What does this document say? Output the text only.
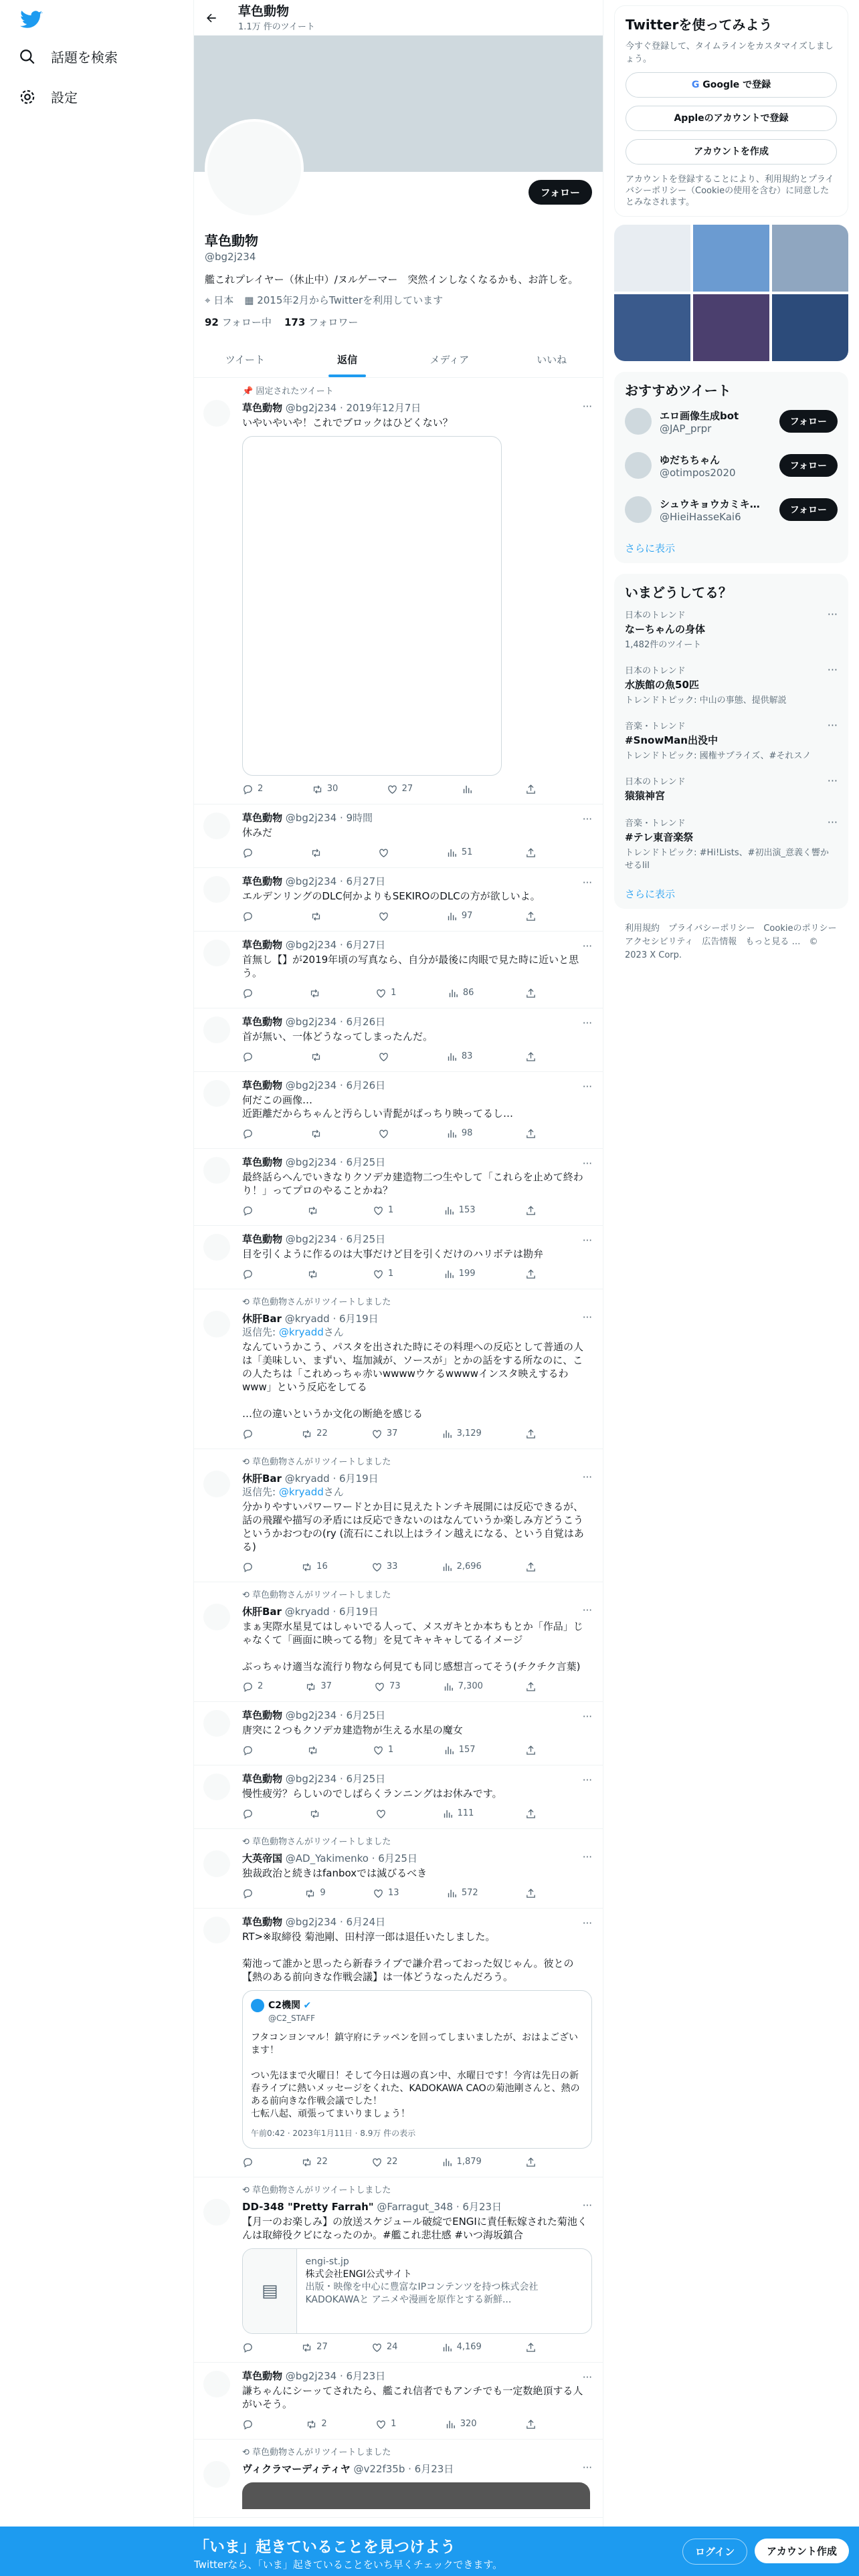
話題を検索
設定
草色動物
1.1万 件のツイート
フォロー
草色動物
@bg2j234
艦これプレイヤー（休止中）/ヌルゲーマー　突然インしなくなるかも、お許しを。
⌖ 日本 ▦ 2015年2月からTwitterを利用しています
92 フォロー中 173 フォロワー
ツイート	返信	メディア	いいね
📌 固定されたツイート
···
草色動物 @bg2j234 · 2019年12月7日
いやいやいや！これでブロックはひどくない？
2	30	27
···
草色動物 @bg2j234 · 9時間
休みだ
51
···
草色動物 @bg2j234 · 6月27日
エルデンリングのDLC何かよりもSEKIROのDLCの方が欲しいよ。
97
···
草色動物 @bg2j234 · 6月27日
首無し【】が2019年頃の写真なら、自分が最後に肉眼で見た時に近いと思う。
1	86
···
草色動物 @bg2j234 · 6月26日
首が無い、一体どうなってしまったんだ。
83
···
草色動物 @bg2j234 · 6月26日
何だこの画像…
近距離だからちゃんと汚らしい青髭がばっちり映ってるし…
98
···
草色動物 @bg2j234 · 6月25日
最終話らへんでいきなりクソデカ建造物二つ生やして「これらを止めて終わり！」ってプロのやることかね？
1	153
···
草色動物 @bg2j234 · 6月25日
目を引くように作るのは大事だけど目を引くだけのハリボテは勘弁
1	199
⟲ 草色動物さんがリツイートしました
···
休肝Bar @kryadd · 6月19日
返信先: @kryaddさん
なんていうかこう、パスタを出された時にその料理への反応として普通の人は「美味しい、まずい、塩加減が、ソースが」とかの話をする所なのに、この人たちは「これめっちゃ赤いwwwwウケるwwwwインスタ映えするわwww」という反応をしてる

…位の違いというか文化の断絶を感じる
22	37	3,129
⟲ 草色動物さんがリツイートしました
···
休肝Bar @kryadd · 6月19日
返信先: @kryaddさん
分かりやすいパワーワードとか目に見えたトンチキ展開には反応できるが、話の飛躍や描写の矛盾には反応できないのはなんていうか楽しみ方どうこうというかおつむの(ry (流石にこれ以上はライン越えになる、という自覚はある)
16	33	2,696
⟲ 草色動物さんがリツイートしました
···
休肝Bar @kryadd · 6月19日
まぁ実際水星見てはしゃいでる人って、メスガキとか本ちもとか「作品」じゃなくて「画面に映ってる物」を見てキャキャしてるイメージ

ぶっちゃけ適当な流行り物なら何見ても同じ感想言ってそう(チクチク言葉)
2	37	73	7,300
···
草色動物 @bg2j234 · 6月25日
唐突に２つもクソデカ建造物が生える水星の魔女
1	157
···
草色動物 @bg2j234 · 6月25日
慢性疲労？らしいのでしばらくランニングはお休みです。
111
⟲ 草色動物さんがリツイートしました
···
大英帝国 @AD_Yakimenko · 6月25日
独裁政治と続きはfanboxでは滅びるべき
9	13	572
···
草色動物 @bg2j234 · 6月24日
RT>※取締役 菊池剛、田村淳一郎は退任いたしました。

菊池って誰かと思ったら新春ライブで謙介君っておった奴じゃん。彼との【熱のある前向きな作戦会議】は一体どうなったんだろう。
C2機関 ✔
@C2_STAFF
フタコンヨンマル！鎮守府にテッペンを回ってしまいましたが、おはよございます！

つい先ほまで火曜日！そして今日は週の真ン中、水曜日です！今宵は先日の新春ライブに熱いメッセージをくれた、KADOKAWA CAOの菊池剛さんと、熱のある前向きな作戦会議でした！
七転八起、頑張ってまいりましょう！
午前0:42 · 2023年1月11日 · 8.9万 件の表示
22	22	1,879
⟲ 草色動物さんがリツイートしました
···
DD-348 "Pretty Farrah" @Farragut_348 · 6月23日
【月一のお楽しみ】の放送スケジュール破綻でENGIに責任転嫁された菊池くんは取締役クビになったのか。#艦これ悲壮感 #いつ海坂鎮合
▤
engi-st.jp
株式会社ENGI公式サイト
出版・映像を中心に豊富なIPコンテンツを持つ株式会社KADOKAWAと アニメや漫画を原作とする新鮮...
27	24	4,169
···
草色動物 @bg2j234 · 6月23日
謙ちゃんにシーッてされたら、艦これ信者でもアンチでも一定数絶頂する人がいそう。
2	1	320
⟲ 草色動物さんがリツイートしました
···
ヴィクラマーディティヤ @v22f35b · 6月23日
Twitterを使ってみよう
今すぐ登録して、タイムラインをカスタマイズしましょう。
G Google で登録
Appleのアカウントで登録
アカウントを作成
アカウントを登録することにより、利用規約とプライバシーポリシー（Cookieの使用を含む）に同意したとみなされます。
おすすめツイート
エロ画像生成bot
@JAP_prpr
フォロー
ゆだちちゃん
@otimpos2020
フォロー
シュウキョウカミキ…
@HieiHasseKai6
フォロー
さらに表示
いまどうしてる？
日本のトレンド
なーちゃんの身体
1,482件のツイート
···
日本のトレンド
水族館の魚50匹
トレンドトピック: 中山の事態、提供解説
···
音楽・トレンド
#SnowMan出没中
トレンドトピック: 國権サプライズ、#それスノ
···
日本のトレンド
猿猿神宮
···
音楽・トレンド
#テレ東音楽祭
トレンドトピック: #Hi!Lists、#初出演_意義く響かせるlil
···
さらに表示
利用規約　プライバシーポリシー　Cookieのポリシー　アクセシビリティ　広告情報　もっと見る …　© 2023 X Corp.
「いま」起きていることを見つけよう
Twitterなら、「いま」起きていることをいち早くチェックできます。
ログイン	アカウント作成
